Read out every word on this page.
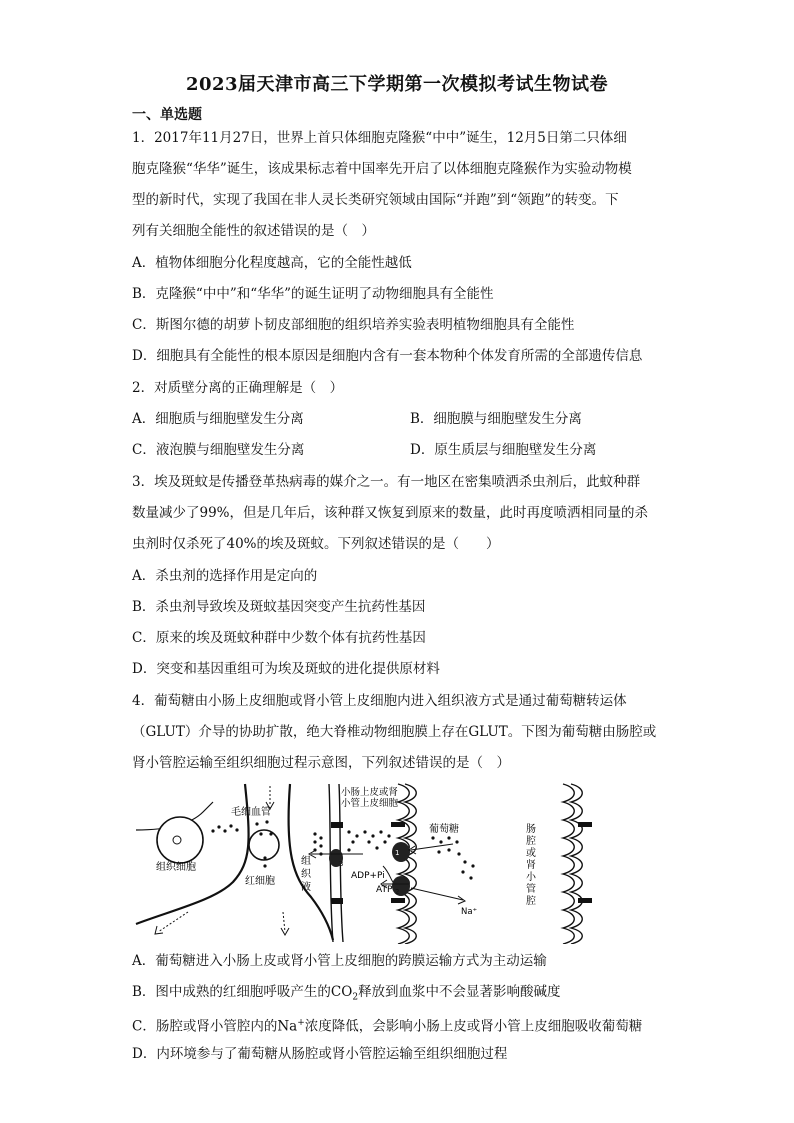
2023届天津市高三下学期第一次模拟考试生物试卷
一、单选题
1．2017年11月27日，世界上首只体细胞克隆猴“中中”诞生，12月5日第二只体细
胞克隆猴“华华”诞生，该成果标志着中国率先开启了以体细胞克隆猴作为实验动物模
型的新时代，实现了我国在非人灵长类研究领域由国际“并跑”到“领跑”的转变。下
列有关细胞全能性的叙述错误的是（　）
A．植物体细胞分化程度越高，它的全能性越低
B．克隆猴“中中”和“华华”的诞生证明了动物细胞具有全能性
C．斯图尔德的胡萝卜韧皮部细胞的组织培养实验表明植物细胞具有全能性
D．细胞具有全能性的根本原因是细胞内含有一套本物种个体发育所需的全部遗传信息
2．对质壁分离的正确理解是（　）
A．细胞质与细胞壁发生分离	B．细胞膜与细胞壁发生分离
C．液泡膜与细胞壁发生分离	D．原生质层与细胞壁发生分离
3．埃及斑蚊是传播登革热病毒的媒介之一。有一地区在密集喷洒杀虫剂后，此蚊种群
数量减少了99%，但是几年后，该种群又恢复到原来的数量，此时再度喷洒相同量的杀
虫剂时仅杀死了40%的埃及斑蚊。下列叙述错误的是（　　）
A．杀虫剂的选择作用是定向的
B．杀虫剂导致埃及斑蚊基因突变产生抗药性基因
C．原来的埃及斑蚊种群中少数个体有抗药性基因
D．突变和基因重组可为埃及斑蚊的进化提供原材料
4．葡萄糖由小肠上皮细胞或肾小管上皮细胞内进入组织液方式是通过葡萄糖转运体
（GLUT）介导的协助扩散，绝大脊椎动物细胞膜上存在GLUT。下图为葡萄糖由肠腔或
肾小管腔运输至组织细胞过程示意图，下列叙述错误的是（　）
毛细血管
组织细胞
红细胞
组
织
液
小肠上皮或肾
小管上皮细胞
葡萄糖
ADP+Pi
ATP
Na⁺
1
2
3
肠
腔
或
肾
小
管
腔
A．葡萄糖进入小肠上皮或肾小管上皮细胞的跨膜运输方式为主动运输
B．图中成熟的红细胞呼吸产生的$CO_2$释放到血浆中不会显著影响酸碱度
C．肠腔或肾小管腔内的Na+浓度降低，会影响小肠上皮或肾小管上皮细胞吸收葡萄糖
D．内环境参与了葡萄糖从肠腔或肾小管腔运输至组织细胞过程
